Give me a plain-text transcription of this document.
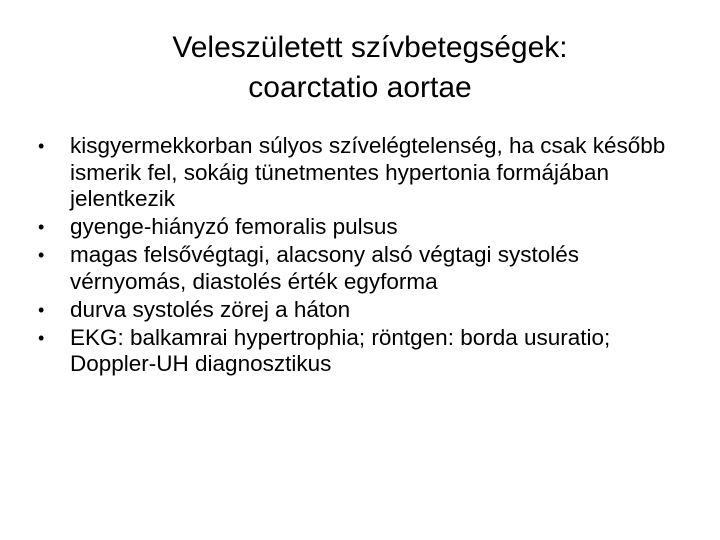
Veleszületett szívbetegségek:
coarctatio aortae
• kisgyermekkorban súlyos szívelégtelenség, ha csak később ismerik fel, sokáig tünetmentes hypertonia formájában jelentkezik
• gyenge-hiányzó femoralis pulsus
• magas felsővégtagi, alacsony alsó végtagi systolés vérnyomás, diastolés érték egyforma
• durva systolés zörej a háton
• EKG: balkamrai hypertrophia; röntgen: borda usuratio; Doppler-UH diagnosztikus
